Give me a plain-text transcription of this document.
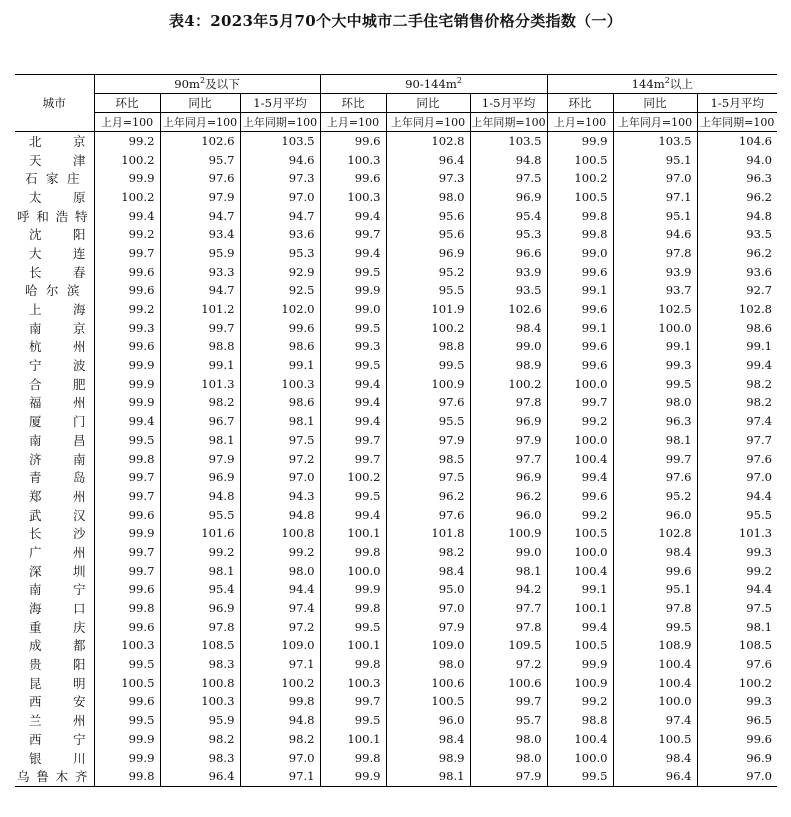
表4：2023年5月70个大中城市二手住宅销售价格分类指数（一）
城市	$90m^2$及以下			$90-144m^2$			$144m^2$以上		
	环比	同比	1-5月平均	环比	同比	1-5月平均	环比	同比	1-5月平均
	上月=100	上年同月=100	上年同期=100	上月=100	上年同月=100	上年同期=100	上月=100	上年同月=100	上年同期=100
北京	99.2	102.6	103.5	99.6	102.8	103.5	99.9	103.5	104.6
天津	100.2	95.7	94.6	100.3	96.4	94.8	100.5	95.1	94.0
石家庄	99.9	97.6	97.3	99.6	97.3	97.5	100.2	97.0	96.3
太原	100.2	97.9	97.0	100.3	98.0	96.9	100.5	97.1	96.2
呼和浩特	99.4	94.7	94.7	99.4	95.6	95.4	99.8	95.1	94.8
沈阳	99.2	93.4	93.6	99.7	95.6	95.3	99.8	94.6	93.5
大连	99.7	95.9	95.3	99.4	96.9	96.6	99.0	97.8	96.2
长春	99.6	93.3	92.9	99.5	95.2	93.9	99.6	93.9	93.6
哈尔滨	99.6	94.7	92.5	99.9	95.5	93.5	99.1	93.7	92.7
上海	99.2	101.2	102.0	99.0	101.9	102.6	99.6	102.5	102.8
南京	99.3	99.7	99.6	99.5	100.2	98.4	99.1	100.0	98.6
杭州	99.6	98.8	98.6	99.3	98.8	99.0	99.6	99.1	99.1
宁波	99.9	99.1	99.1	99.5	99.5	98.9	99.6	99.3	99.4
合肥	99.9	101.3	100.3	99.4	100.9	100.2	100.0	99.5	98.2
福州	99.9	98.2	98.6	99.4	97.6	97.8	99.7	98.0	98.2
厦门	99.4	96.7	98.1	99.4	95.5	96.9	99.2	96.3	97.4
南昌	99.5	98.1	97.5	99.7	97.9	97.9	100.0	98.1	97.7
济南	99.8	97.9	97.2	99.7	98.5	97.7	100.4	99.7	97.6
青岛	99.7	96.9	97.0	100.2	97.5	96.9	99.4	97.6	97.0
郑州	99.7	94.8	94.3	99.5	96.2	96.2	99.6	95.2	94.4
武汉	99.6	95.5	94.8	99.4	97.6	96.0	99.2	96.0	95.5
长沙	99.9	101.6	100.8	100.1	101.8	100.9	100.5	102.8	101.3
广州	99.7	99.2	99.2	99.8	98.2	99.0	100.0	98.4	99.3
深圳	99.7	98.1	98.0	100.0	98.4	98.1	100.4	99.6	99.2
南宁	99.6	95.4	94.4	99.9	95.0	94.2	99.1	95.1	94.4
海口	99.8	96.9	97.4	99.8	97.0	97.7	100.1	97.8	97.5
重庆	99.6	97.8	97.2	99.5	97.9	97.8	99.4	99.5	98.1
成都	100.3	108.5	109.0	100.1	109.0	109.5	100.5	108.9	108.5
贵阳	99.5	98.3	97.1	99.8	98.0	97.2	99.9	100.4	97.6
昆明	100.5	100.8	100.2	100.3	100.6	100.6	100.9	100.4	100.2
西安	99.6	100.3	99.8	99.7	100.5	99.7	99.2	100.0	99.3
兰州	99.5	95.9	94.8	99.5	96.0	95.7	98.8	97.4	96.5
西宁	99.9	98.2	98.2	100.1	98.4	98.0	100.4	100.5	99.6
银川	99.9	98.3	97.0	99.8	98.9	98.0	100.0	98.4	96.9
乌鲁木齐	99.8	96.4	97.1	99.9	98.1	97.9	99.5	96.4	97.0
